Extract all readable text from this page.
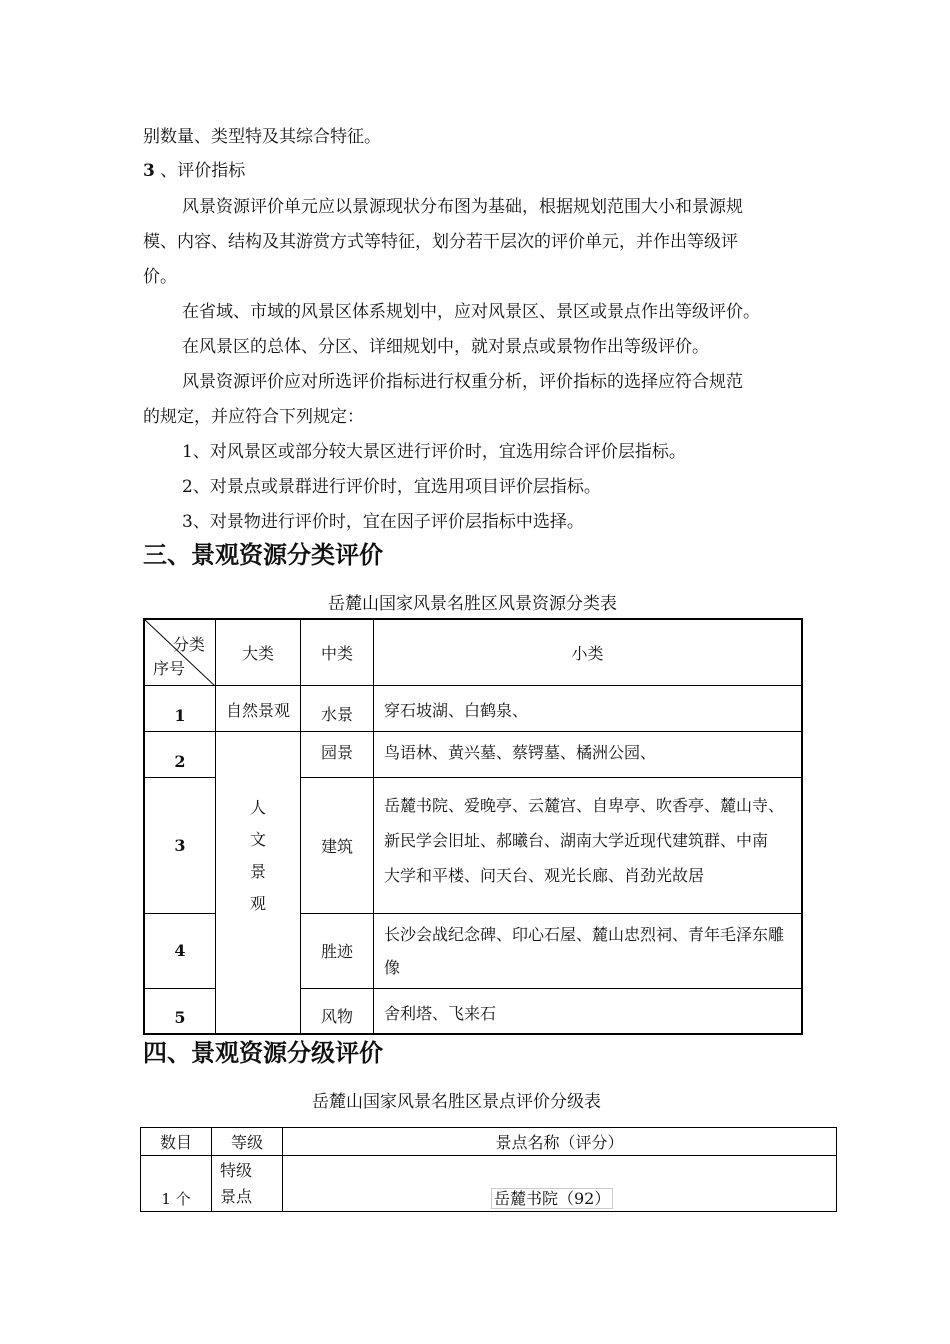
别数量、类型特及其综合特征。
3 、评价指标
风景资源评价单元应以景源现状分布图为基础，根据规划范围大小和景源规
模、内容、结构及其游赏方式等特征，划分若干层次的评价单元，并作出等级评
价。
在省域、市域的风景区体系规划中，应对风景区、景区或景点作出等级评价。
在风景区的总体、分区、详细规划中，就对景点或景物作出等级评价。
风景资源评价应对所选评价指标进行权重分析，评价指标的选择应符合规范
的规定，并应符合下列规定：
1、对风景区或部分较大景区进行评价时，宜选用综合评价层指标。
2、对景点或景群进行评价时，宜选用项目评价层指标。
3、对景物进行评价时，宜在因子评价层指标中选择。
三、景观资源分类评价
岳麓山国家风景名胜区风景资源分类表
分类
序号	大类	中类	小类
1	自然景观	水景	穿石坡湖、白鹤泉、
2	人
文
景
观	园景	鸟语林、黄兴墓、蔡锷墓、橘洲公园、
3		建筑	岳麓书院、爱晚亭、云麓宫、自卑亭、吹香亭、麓山寺、
新民学会旧址、郝曦台、湖南大学近现代建筑群、中南
大学和平楼、问天台、观光长廊、肖劲光故居

4		胜迹	长沙会战纪念碑、印心石屋、麓山忠烈祠、青年毛泽东雕
像

5		风物	舍利塔、飞来石
四、景观资源分级评价
岳麓山国家风景名胜区景点评价分级表
数目	等级	景点名称（评分）
1 个	特级
景点	岳麓书院（92）
